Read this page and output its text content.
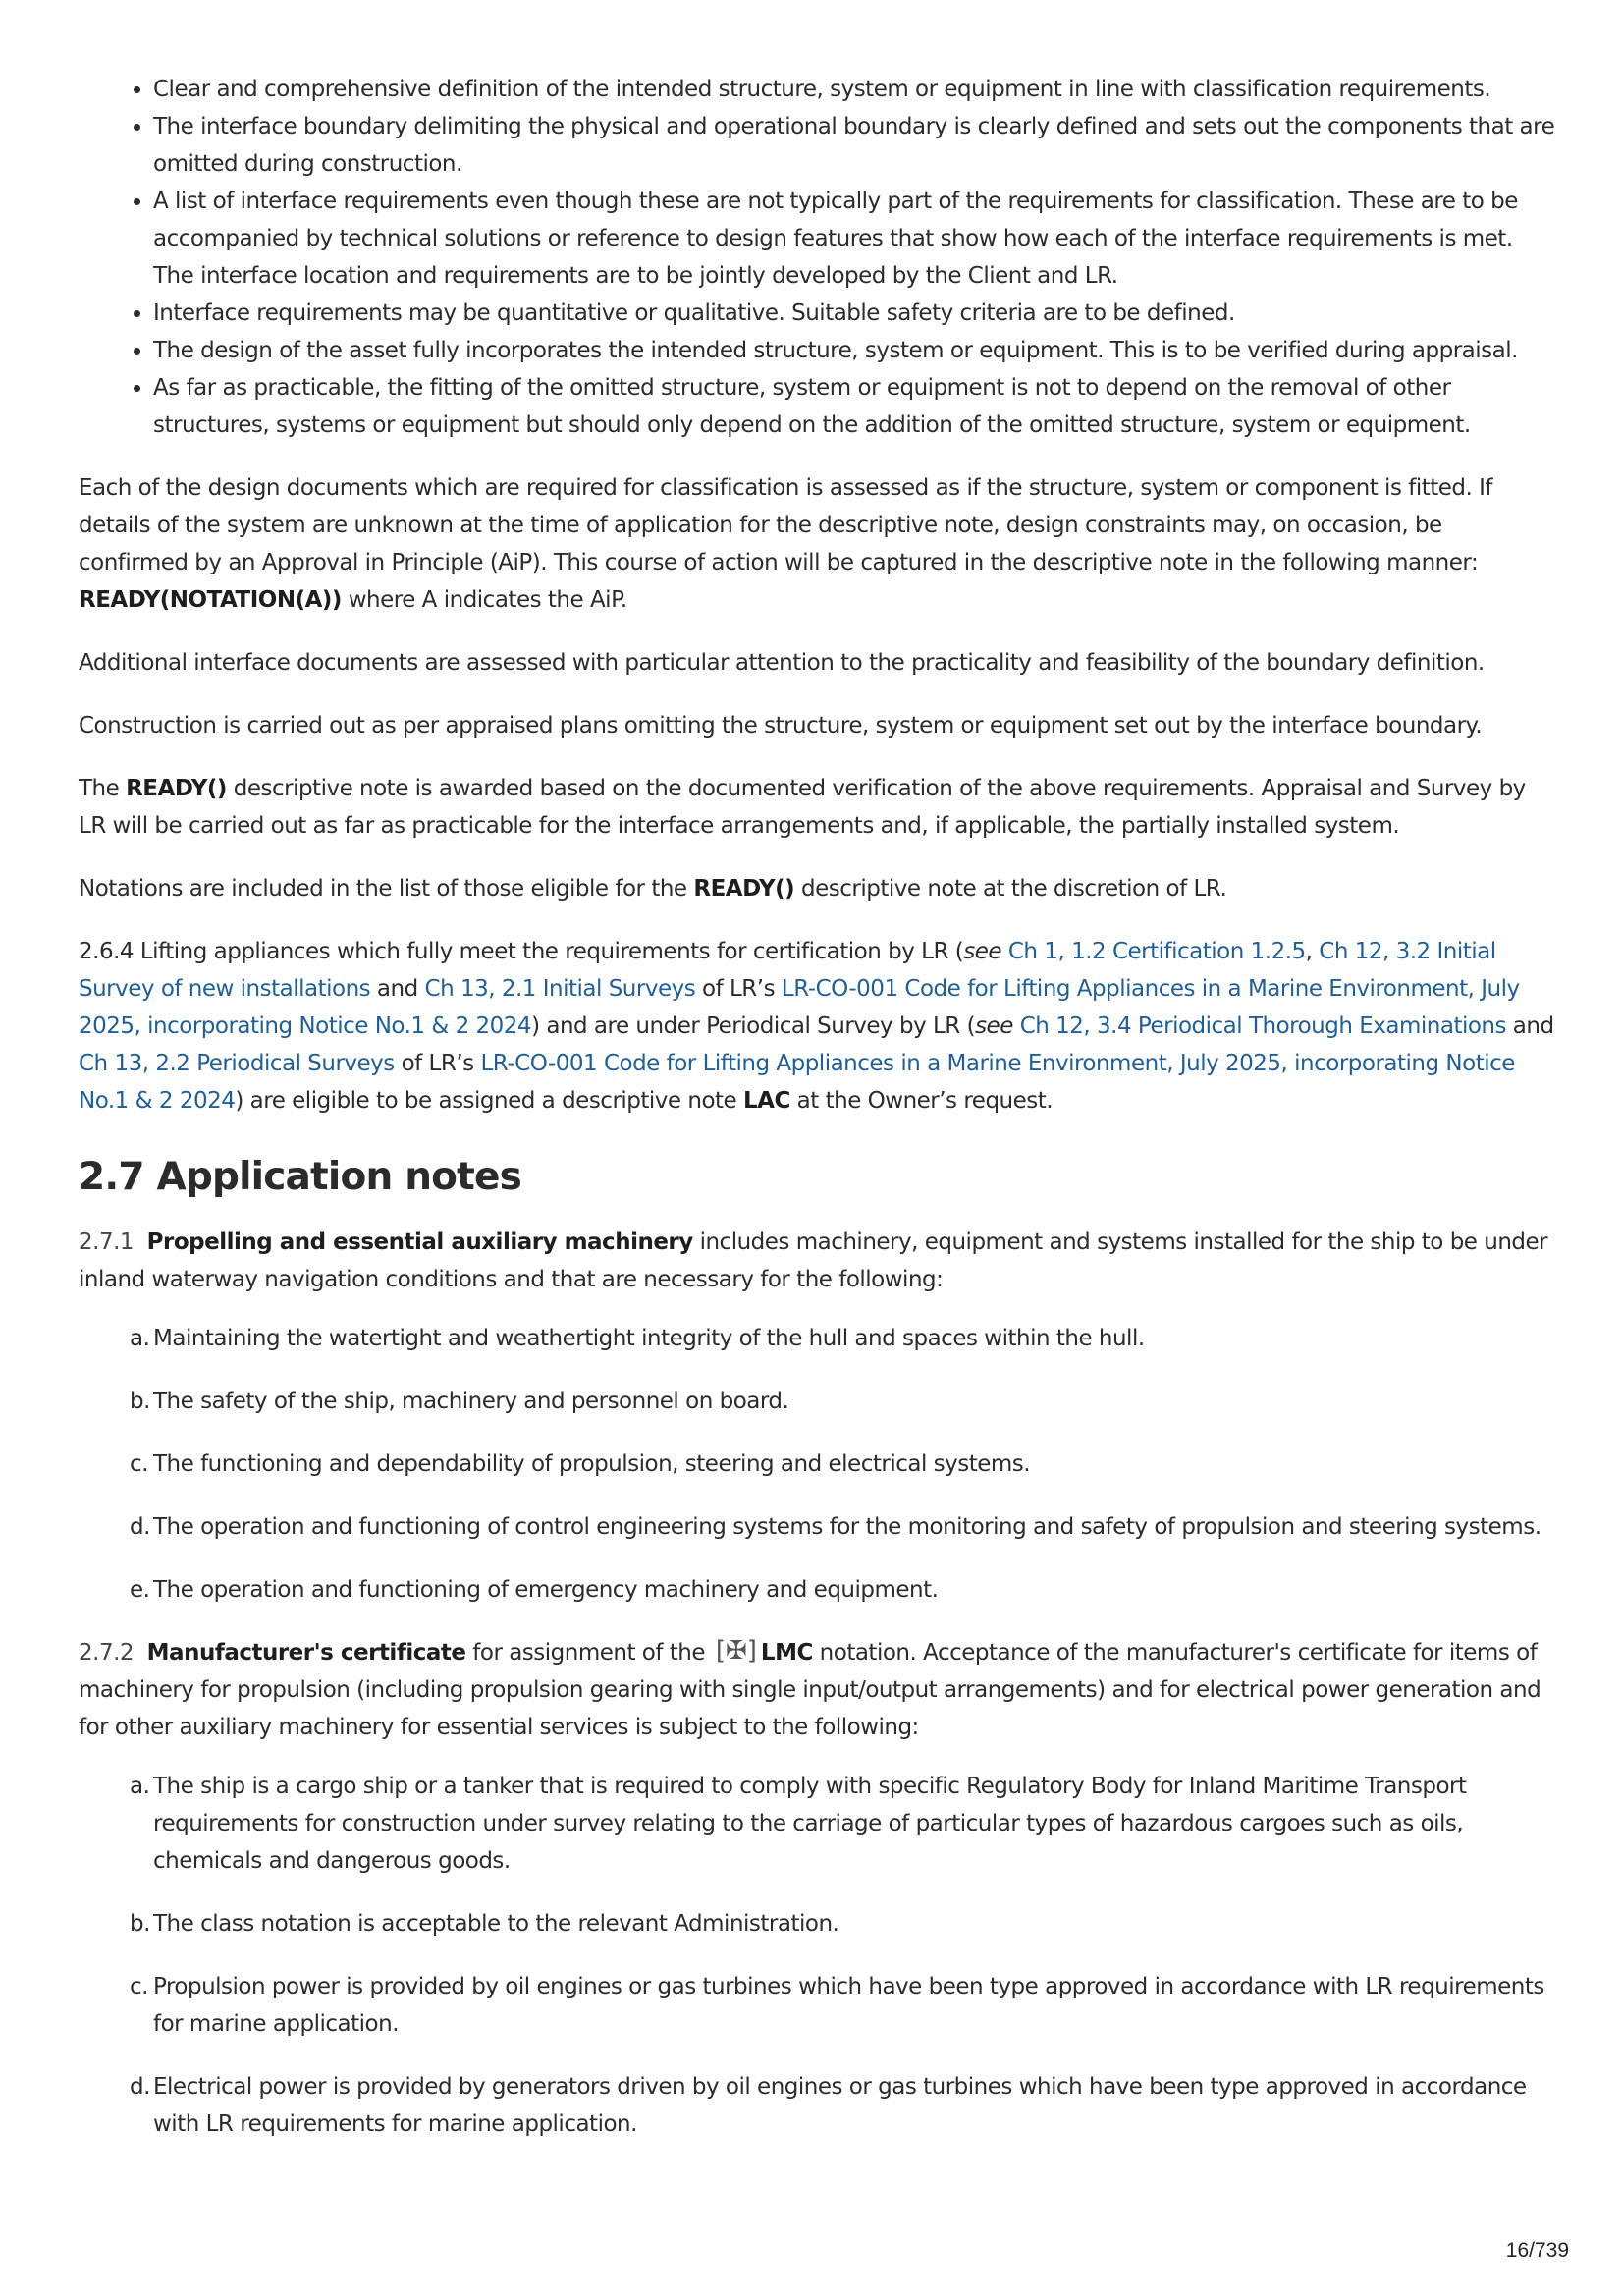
• Clear and comprehensive definition of the intended structure, system or equipment in line with classification requirements.
• The interface boundary delimiting the physical and operational boundary is clearly defined and sets out the components that are omitted during construction.
• A list of interface requirements even though these are not typically part of the requirements for classification. These are to be accompanied by technical solutions or reference to design features that show how each of the interface requirements is met. The interface location and requirements are to be jointly developed by the Client and LR.
• Interface requirements may be quantitative or qualitative. Suitable safety criteria are to be defined.
• The design of the asset fully incorporates the intended structure, system or equipment. This is to be verified during appraisal.
• As far as practicable, the fitting of the omitted structure, system or equipment is not to depend on the removal of other structures, systems or equipment but should only depend on the addition of the omitted structure, system or equipment.

Each of the design documents which are required for classification is assessed as if the structure, system or component is fitted. If details of the system are unknown at the time of application for the descriptive note, design constraints may, on occasion, be confirmed by an Approval in Principle (AiP). This course of action will be captured in the descriptive note in the following manner: READY(NOTATION(A)) where A indicates the AiP.

Additional interface documents are assessed with particular attention to the practicality and feasibility of the boundary definition.

Construction is carried out as per appraised plans omitting the structure, system or equipment set out by the interface boundary.

The READY() descriptive note is awarded based on the documented verification of the above requirements. Appraisal and Survey by LR will be carried out as far as practicable for the interface arrangements and, if applicable, the partially installed system.

Notations are included in the list of those eligible for the READY() descriptive note at the discretion of LR.

2.6.4 Lifting appliances which fully meet the requirements for certification by LR (see Ch 1, 1.2 Certification 1.2.5, Ch 12, 3.2 Initial Survey of new installations and Ch 13, 2.1 Initial Surveys of LR’s LR-CO-001 Code for Lifting Appliances in a Marine Environment, July 2025, incorporating Notice No.1 & 2 2024) and are under Periodical Survey by LR (see Ch 12, 3.4 Periodical Thorough Examinations and Ch 13, 2.2 Periodical Surveys of LR’s LR-CO-001 Code for Lifting Appliances in a Marine Environment, July 2025, incorporating Notice No.1 & 2 2024) are eligible to be assigned a descriptive note LAC at the Owner’s request.

2.7 Application notes

2.7.1 Propelling and essential auxiliary machinery includes machinery, equipment and systems installed for the ship to be under inland waterway navigation conditions and that are necessary for the following:

a. Maintaining the watertight and weathertight integrity of the hull and spaces within the hull.
b. The safety of the ship, machinery and personnel on board.
c. The functioning and dependability of propulsion, steering and electrical systems.
d. The operation and functioning of control engineering systems for the monitoring and safety of propulsion and steering systems.
e. The operation and functioning of emergency machinery and equipment.

2.7.2 Manufacturer's certificate for assignment of the [✠] LMC notation. Acceptance of the manufacturer's certificate for items of machinery for propulsion (including propulsion gearing with single input/output arrangements) and for electrical power generation and for other auxiliary machinery for essential services is subject to the following:

a. The ship is a cargo ship or a tanker that is required to comply with specific Regulatory Body for Inland Maritime Transport requirements for construction under survey relating to the carriage of particular types of hazardous cargoes such as oils, chemicals and dangerous goods.
b. The class notation is acceptable to the relevant Administration.
c. Propulsion power is provided by oil engines or gas turbines which have been type approved in accordance with LR requirements for marine application.
d. Electrical power is provided by generators driven by oil engines or gas turbines which have been type approved in accordance with LR requirements for marine application.
16/739
